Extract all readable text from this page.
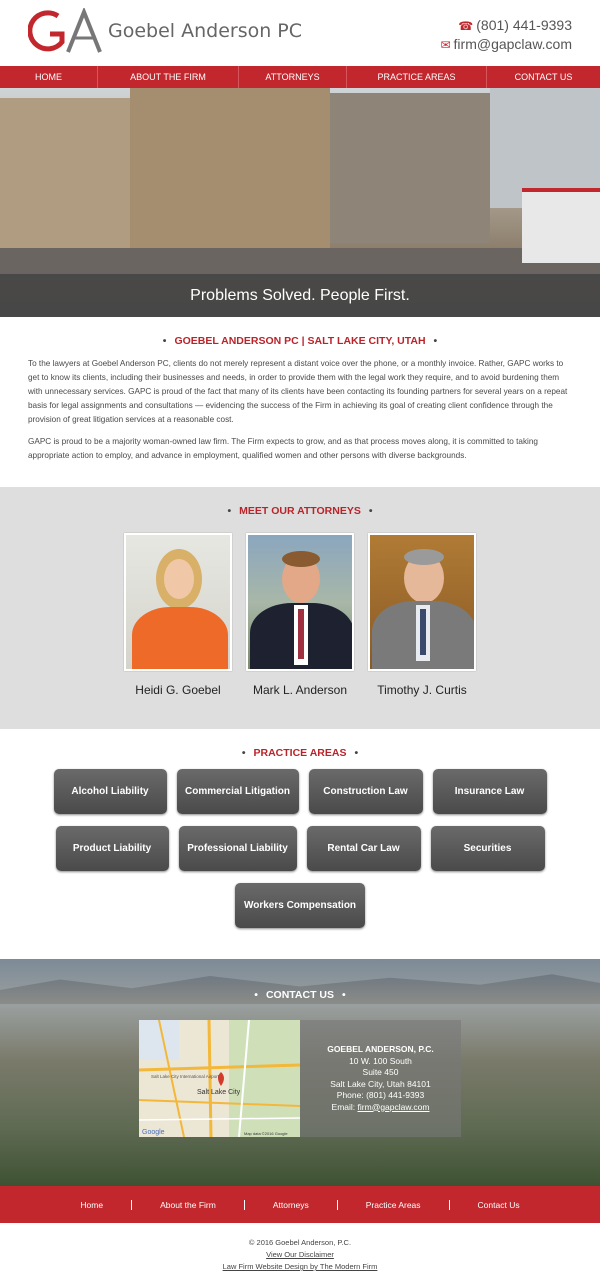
Goebel Anderson PC	☎ (801) 441-9393
✉ firm@gapclaw.com
HOME	ABOUT THE FIRM	ATTORNEYS	PRACTICE AREAS	CONTACT US
Problems Solved. People First.
• GOEBEL ANDERSON PC | SALT LAKE CITY, UTAH •

To the lawyers at Goebel Anderson PC, clients do not merely represent a distant voice over the phone, or a monthly invoice. Rather, GAPC works to get to know its clients, including their businesses and needs, in order to provide them with the legal work they require, and to avoid burdening them with unnecessary services. GAPC is proud of the fact that many of its clients have been contacting its founding partners for several years on a repeat basis for legal assignments and consultations — evidencing the success of the Firm in achieving its goal of creating client confidence through the provision of great litigation services at a reasonable cost.

GAPC is proud to be a majority woman-owned law firm. The Firm expects to grow, and as that process moves along, it is committed to taking appropriate action to employ, and advance in employment, qualified women and other persons with diverse backgrounds.

• MEET OUR ATTORNEYS •
Heidi G. Goebel	Mark L. Anderson	Timothy J. Curtis
• PRACTICE AREAS •
Alcohol Liability	Commercial Litigation	Construction Law	Insurance Law
Product Liability	Professional Liability	Rental Car Law	Securities
Workers Compensation
• CONTACT US •
Salt Lake City
Salt Lake City International Airport
Google	Map data ©2016 Google
GOEBEL ANDERSON, P.C.
10 W. 100 South
Suite 450
Salt Lake City, Utah 84101
Phone: (801) 441-9393
Email: firm@gapclaw.com
Home	About the Firm	Attorneys	Practice Areas	Contact Us
© 2016 Goebel Anderson, P.C.
View Our Disclaimer
Law Firm Website Design by The Modern Firm
